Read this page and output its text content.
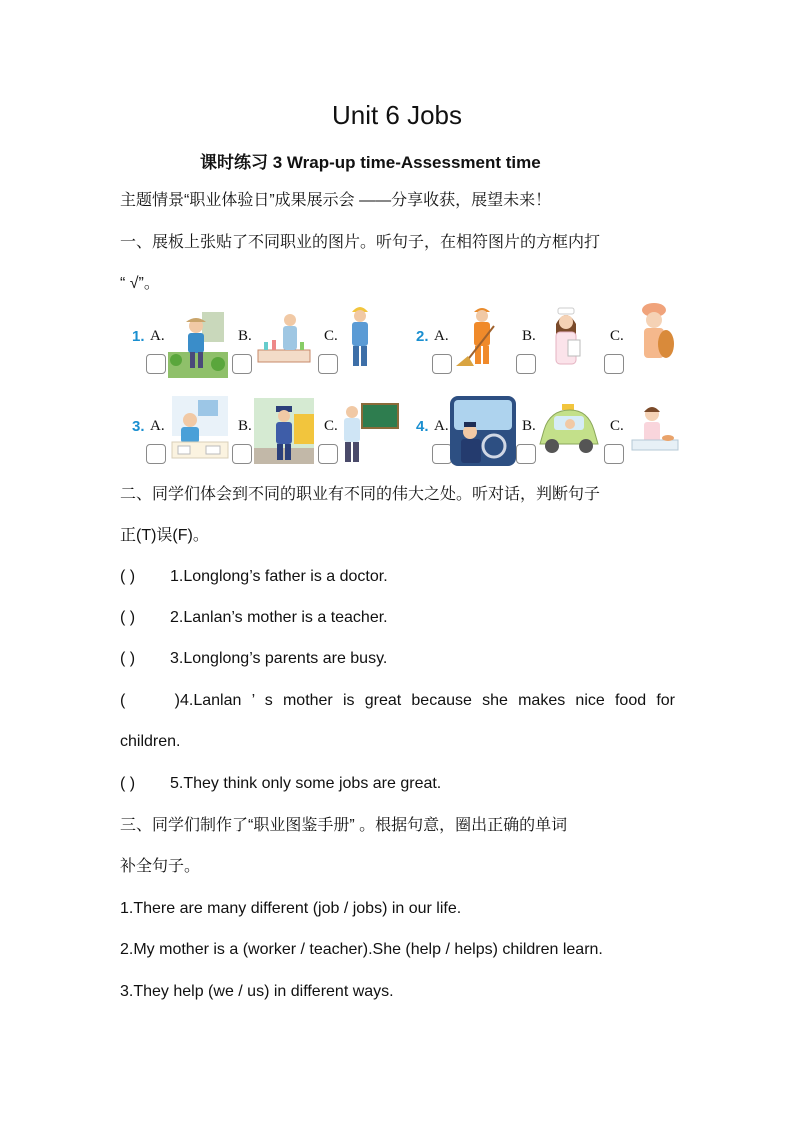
Unit 6 Jobs
课时练习 3 Wrap-up time-Assessment time
主题情景“职业体验日”成果展示会 ——分享收获，展望未来！
一、展板上张贴了不同职业的图片。听句子，在相符图片的方框内打
“ √”。
1. A.	B.	C.	2. A.	B.	C.
3. A.	B.	C.	4. A.	B.	C.
二、同学们体会到不同的职业有不同的伟大之处。听对话，判断句子
正(T)误(F)。
( ) 1.Longlong’s father is a doctor.
( ) 2.Lanlan’s mother is a teacher.
( ) 3.Longlong’s parents are busy.
( )4.Lanlan ’ s mother is great because she makes nice food for
children.
( ) 5.They think only some jobs are great.
三、同学们制作了“职业图鉴手册” 。根据句意，圈出正确的单词
补全句子。
1.There are many different (job / jobs) in our life.
2.My mother is a (worker / teacher).She (help / helps) children learn.
3.They help (we / us) in different ways.
